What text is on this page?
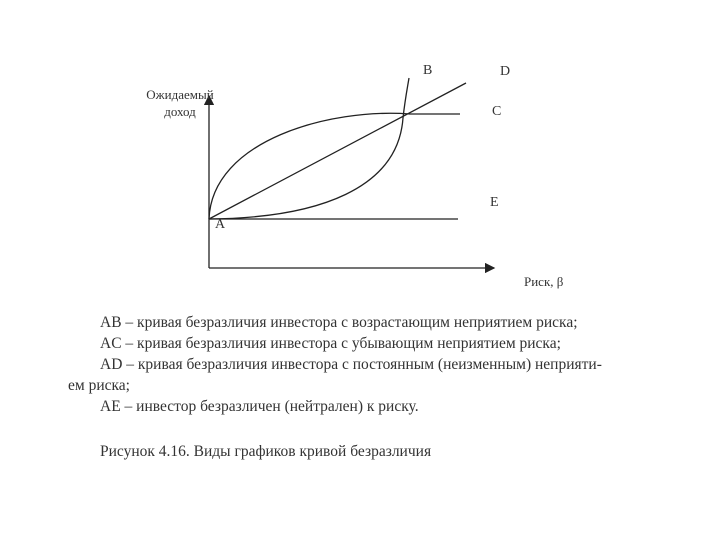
Ожидаемый
доход
Риск, β
A
B
C
D
E
AB – кривая безразличия инвестора с возрастающим неприятием риска;
AC – кривая безразличия инвестора с убывающим неприятием риска;
AD – кривая безразличия инвестора с постоянным (неизменным) неприяти-
ем риска;
AE – инвестор безразличен (нейтрален) к риску.
Рисунок 4.16. Виды графиков кривой безразличия
